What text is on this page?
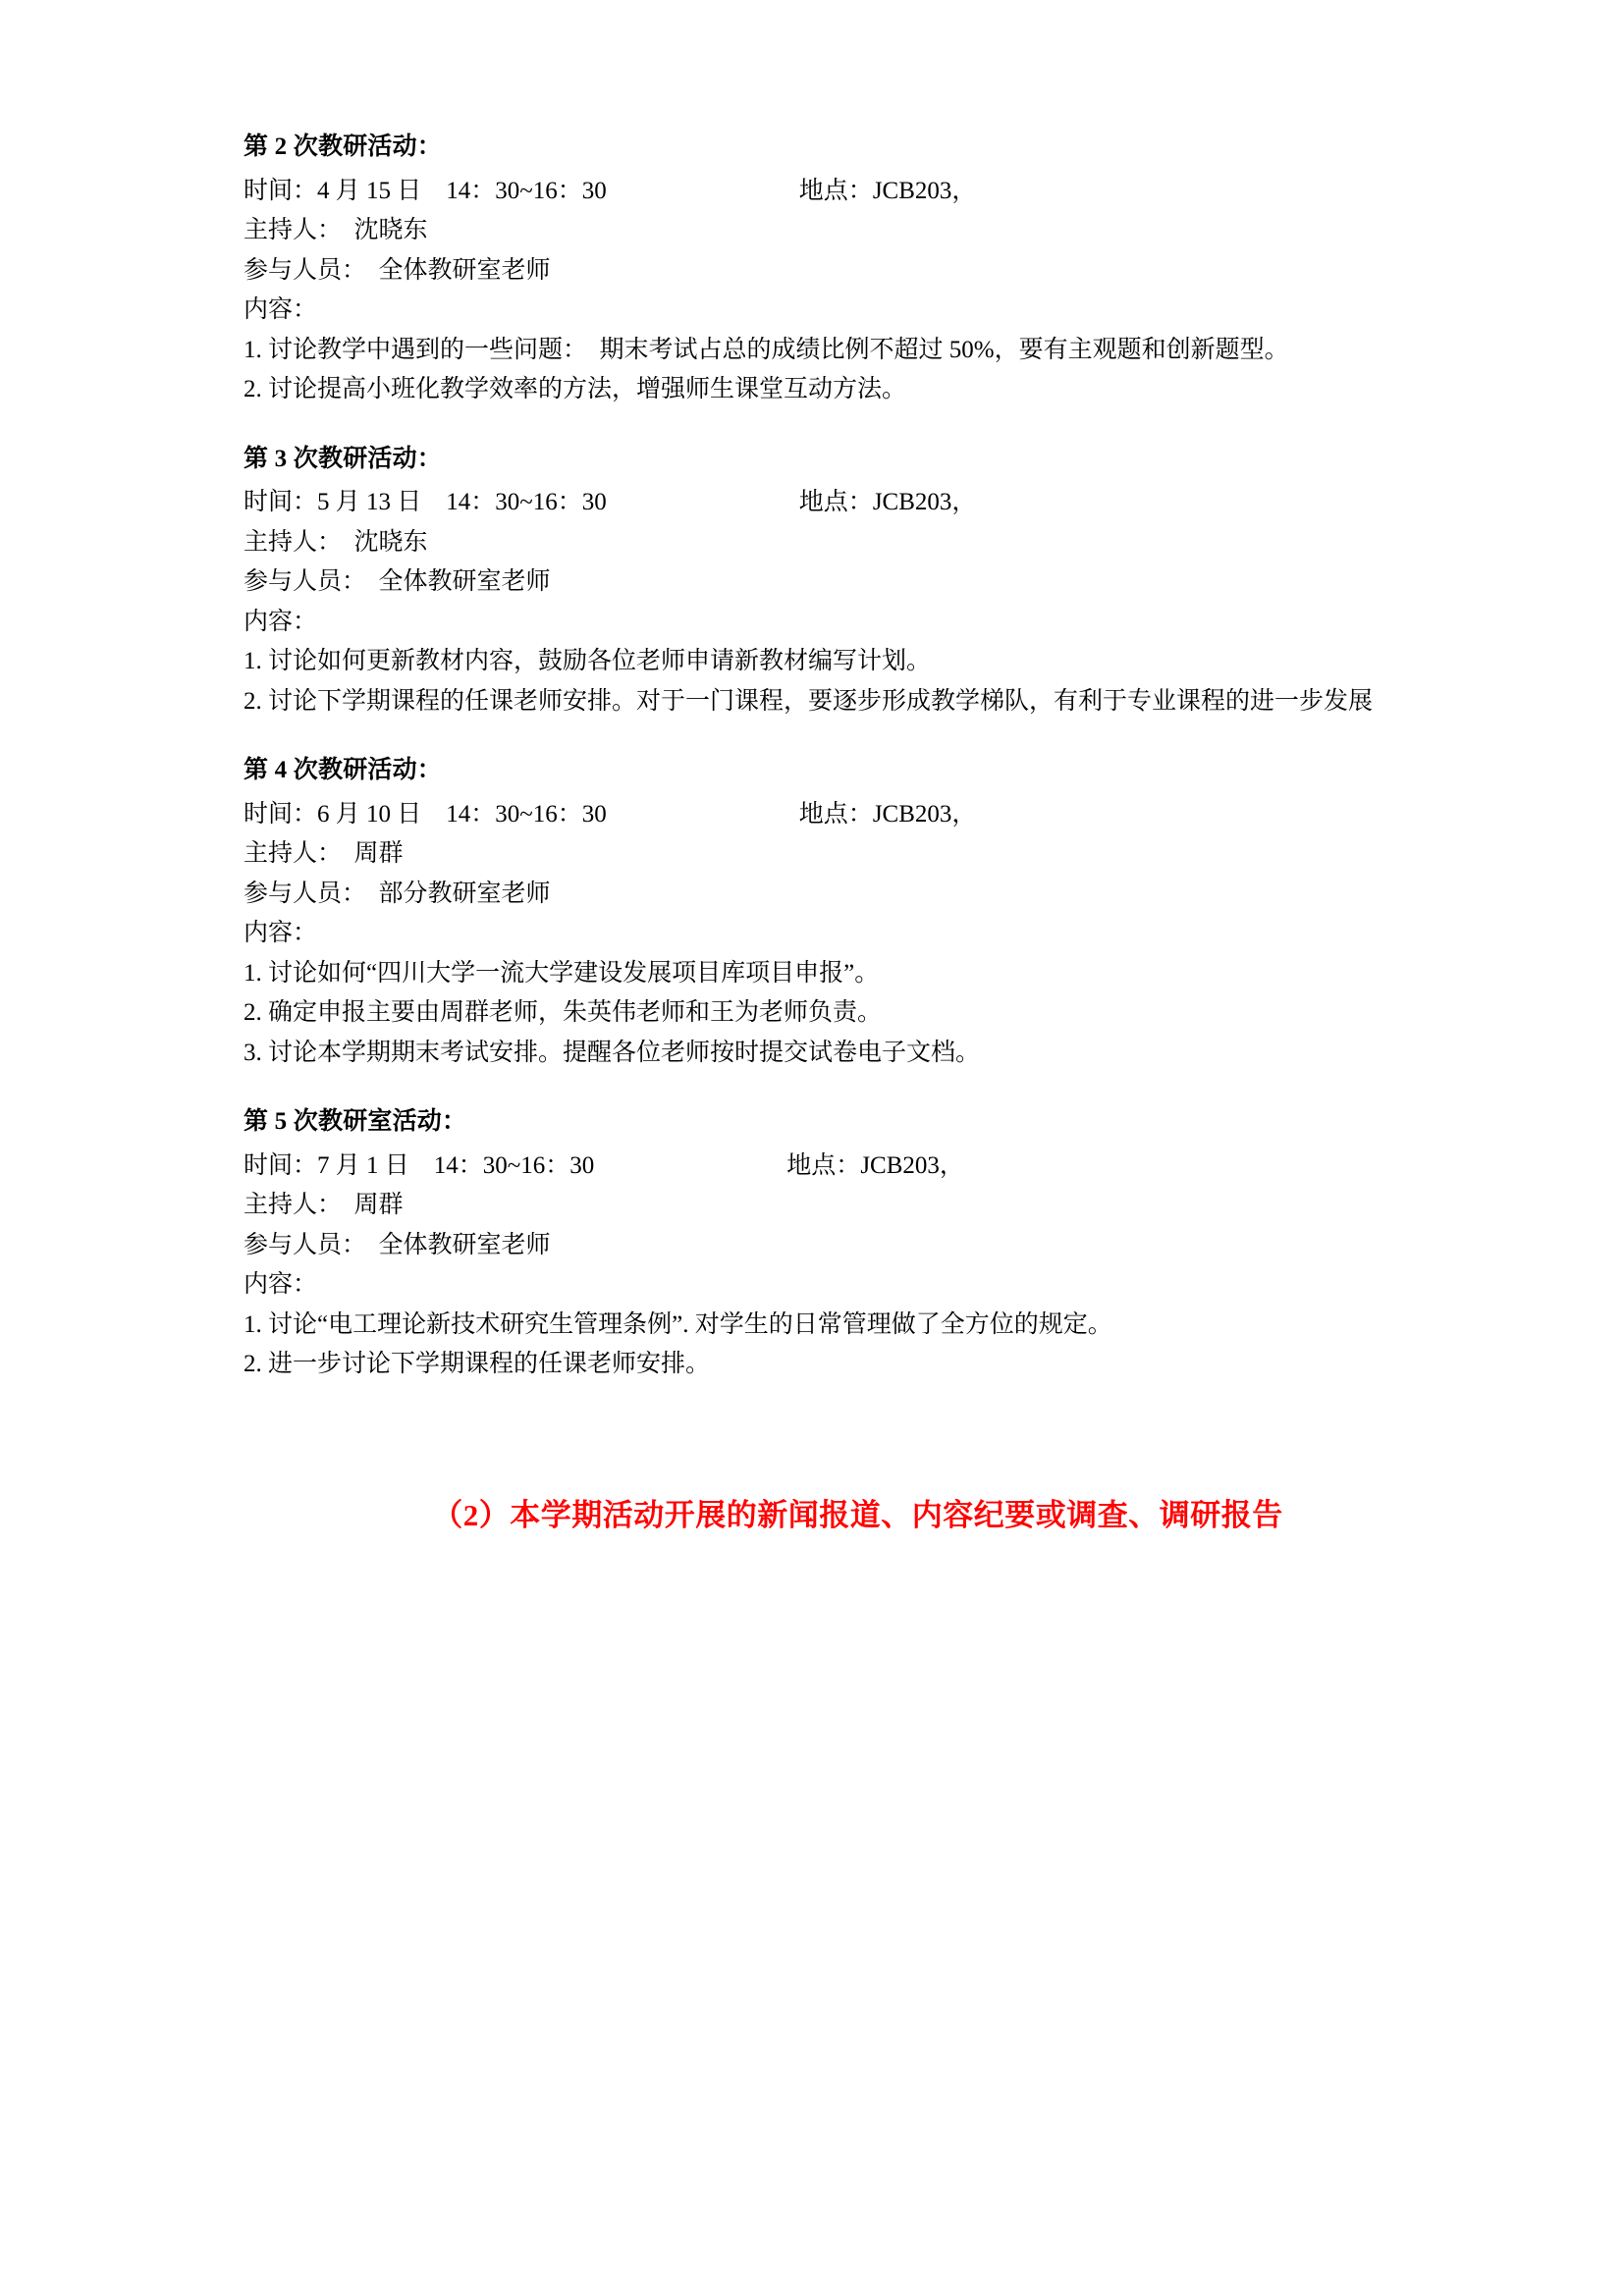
第 2 次教研活动：

时间：4 月 15 日　14：30~16：30	地点：JCB203，

主持人：　沈晓东

参与人员：　全体教研室老师

内容：

1. 讨论教学中遇到的一些问题：　期末考试占总的成绩比例不超过 50%，要有主观题和创新题型。

2. 讨论提高小班化教学效率的方法，增强师生课堂互动方法。

第 3 次教研活动：

时间：5 月 13 日　14：30~16：30	地点：JCB203，

主持人：　沈晓东

参与人员：　全体教研室老师

内容：

1. 讨论如何更新教材内容，鼓励各位老师申请新教材编写计划。

2. 讨论下学期课程的任课老师安排。对于一门课程，要逐步形成教学梯队，有利于专业课程的进一步发展

第 4 次教研活动：

时间：6 月 10 日　14：30~16：30	地点：JCB203，

主持人：　周群

参与人员：　部分教研室老师

内容：

1. 讨论如何“四川大学一流大学建设发展项目库项目申报”。

2. 确定申报主要由周群老师，朱英伟老师和王为老师负责。

3. 讨论本学期期末考试安排。提醒各位老师按时提交试卷电子文档。

第 5 次教研室活动：

时间：7 月 1 日　14：30~16：30	地点：JCB203，

主持人：　周群

参与人员：　全体教研室老师

内容：

1. 讨论“电工理论新技术研究生管理条例”. 对学生的日常管理做了全方位的规定。

2. 进一步讨论下学期课程的任课老师安排。

（2）本学期活动开展的新闻报道、内容纪要或调查、调研报告
